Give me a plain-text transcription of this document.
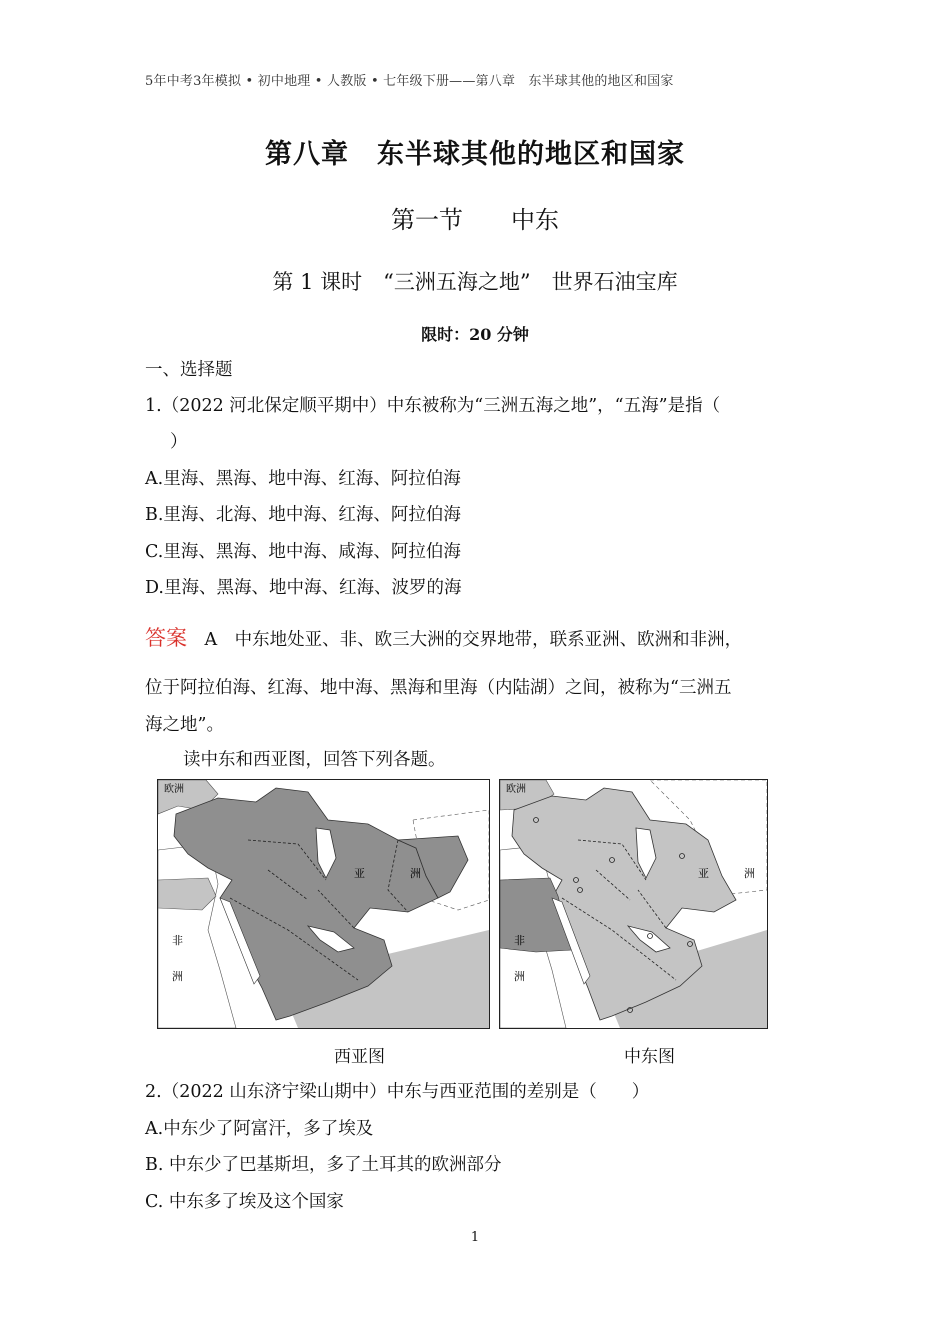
5年中考3年模拟 • 初中地理 • 人教版 • 七年级下册——第八章　东半球其他的地区和国家
第八章　东半球其他的地区和国家
第一节　　中东
第 1 课时　“三洲五海之地”　世界石油宝库
限时：20 分钟
一、选择题
1.（2022 河北保定顺平期中）中东被称为“三洲五海之地”，“五海”是指（
）
A.里海、黑海、地中海、红海、阿拉伯海
B.里海、北海、地中海、红海、阿拉伯海
C.里海、黑海、地中海、咸海、阿拉伯海
D.里海、黑海、地中海、红海、波罗的海
答案　A　中东地处亚、非、欧三大洲的交界地带，联系亚洲、欧洲和非洲，
位于阿拉伯海、红海、地中海、黑海和里海（内陆湖）之间，被称为“三洲五
海之地”。
读中东和西亚图，回答下列各题。
欧洲
亚	洲
非
洲
欧洲
亚	洲
非
洲
西亚图	中东图
2.（2022 山东济宁梁山期中）中东与西亚范围的差别是（　　）
A.中东少了阿富汗，多了埃及
B. 中东少了巴基斯坦，多了土耳其的欧洲部分
C. 中东多了埃及这个国家
1
